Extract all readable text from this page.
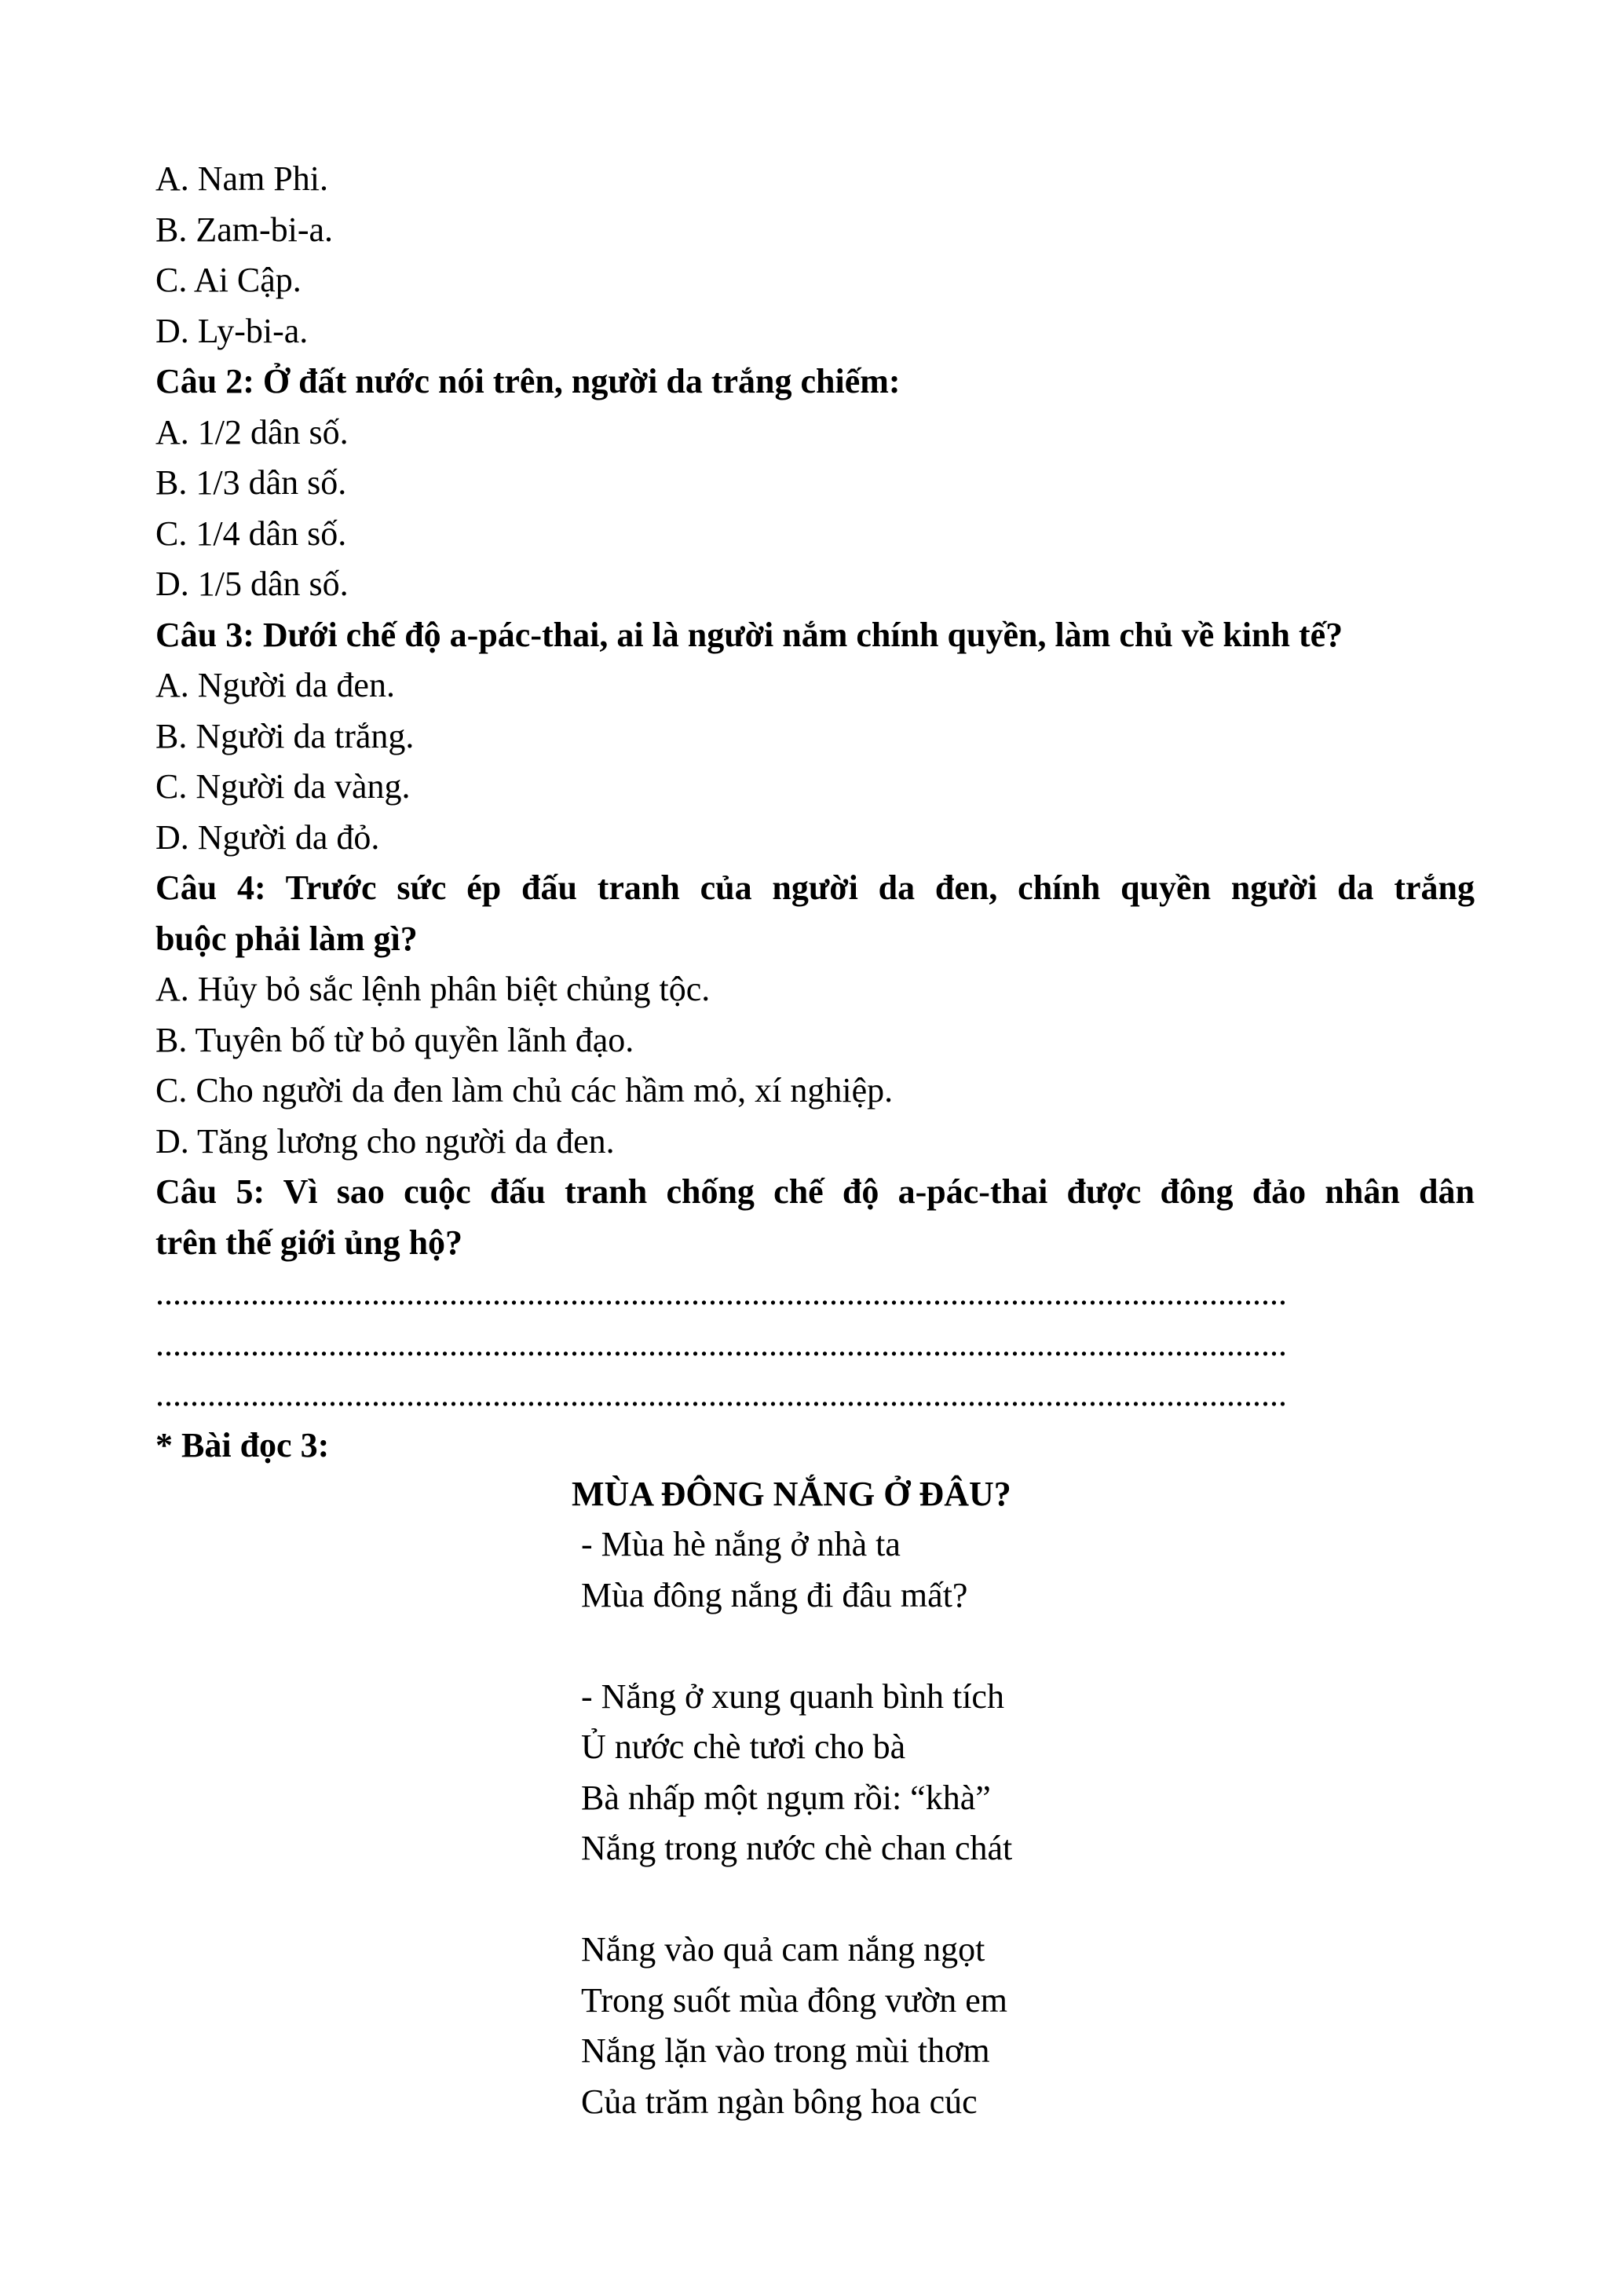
A. Nam Phi.
B. Zam-bi-a.
C. Ai Cập.
D. Ly-bi-a.
Câu 2: Ở đất nước nói trên, người da trắng chiếm:
A. 1/2 dân số.
B. 1/3 dân số.
C. 1/4 dân số.
D. 1/5 dân số.
Câu 3: Dưới chế độ a-pác-thai, ai là người nắm chính quyền, làm chủ về kinh tế?
A. Người da đen.
B. Người da trắng.
C. Người da vàng.
D. Người da đỏ.
Câu 4: Trước sức ép đấu tranh của người da đen, chính quyền người da trắng
buộc phải làm gì?
A. Hủy bỏ sắc lệnh phân biệt chủng tộc.
B. Tuyên bố từ bỏ quyền lãnh đạo.
C. Cho người da đen làm chủ các hầm mỏ, xí nghiệp.
D. Tăng lương cho người da đen.
Câu 5: Vì sao cuộc đấu tranh chống chế độ a-pác-thai được đông đảo nhân dân
trên thế giới ủng hộ?
...................................................................................................................................
...................................................................................................................................
...................................................................................................................................
* Bài đọc 3:
MÙA ĐÔNG NẮNG Ở ĐÂU?
- Mùa hè nắng ở nhà ta
Mùa đông nắng đi đâu mất?
- Nắng ở xung quanh bình tích
Ủ nước chè tươi cho bà
Bà nhấp một ngụm rồi: “khà”
Nắng trong nước chè chan chát
Nắng vào quả cam nắng ngọt
Trong suốt mùa đông vườn em
Nắng lặn vào trong mùi thơm
Của trăm ngàn bông hoa cúc
